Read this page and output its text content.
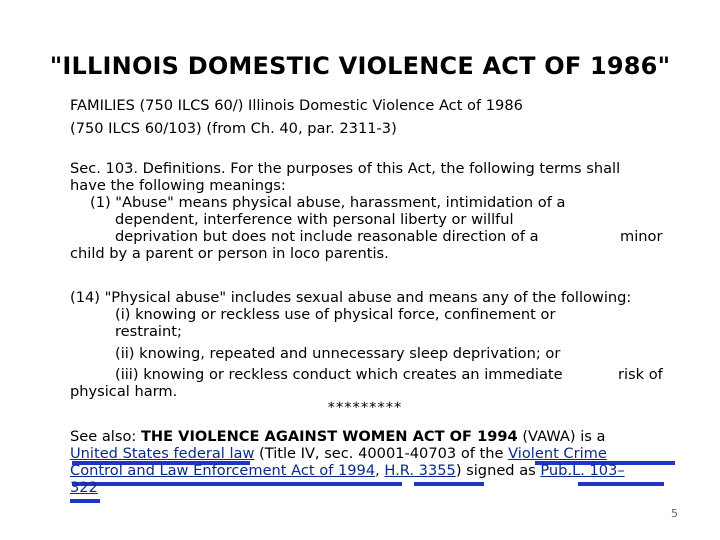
"ILLINOIS DOMESTIC VIOLENCE ACT OF 1986"
FAMILIES (750 ILCS 60/) Illinois Domestic Violence Act of 1986
(750 ILCS 60/103) (from Ch. 40, par. 2311-3)
Sec. 103. Definitions. For the purposes of this Act, the following terms shall
have the following meanings:
(1) "Abuse" means physical abuse, harassment, intimidation of a
dependent, interference with personal liberty or willful
deprivation but does not include reasonable direction of a	minor
child by a parent or person in loco parentis.
(14) "Physical abuse" includes sexual abuse and means any of the following:
(i) knowing or reckless use of physical force, confinement or
restraint;
(ii) knowing, repeated and unnecessary sleep deprivation; or
(iii) knowing or reckless conduct which creates an immediate	risk of
physical harm.
*********
See also: THE VIOLENCE AGAINST WOMEN ACT OF 1994 (VAWA) is a
United States federal law (Title IV, sec. 40001-40703 of the Violent Crime
Control and Law Enforcement Act of 1994, H.R. 3355) signed as Pub.L. 103–
322
5
